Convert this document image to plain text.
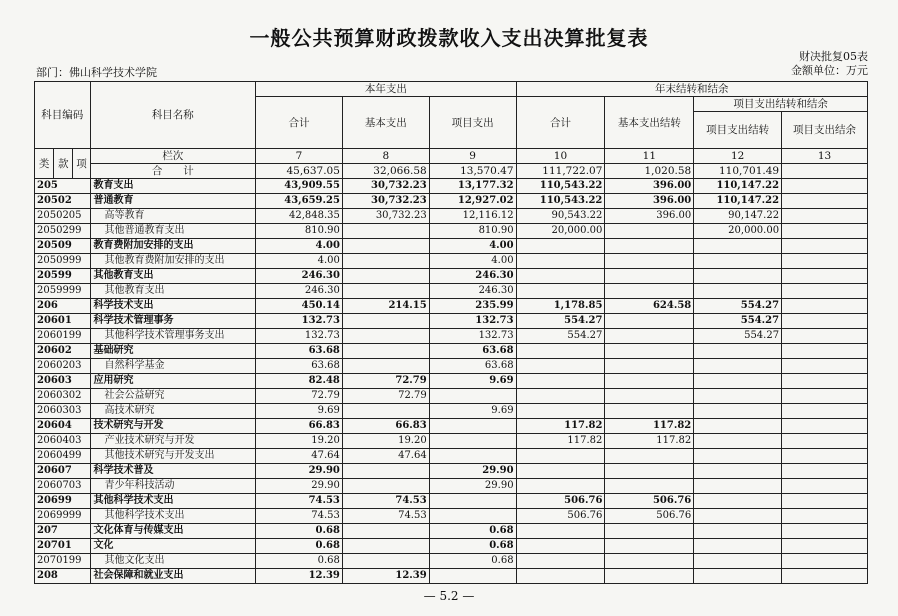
一般公共预算财政拨款收入支出决算批复表
财决批复05表
部门：佛山科学技术学院	金额单位：万元
科目编码			科目名称	本年支出			年末结转和结余			
				合计	基本支出	项目支出	合计	基本支出结转	项目支出结转和结余	
									项目支出结转	项目支出结余

类	款	项	栏次	7	8	9	10	11	12	13
			合　　计	45,637.05	32,066.58	13,570.47	111,722.07	1,020.58	110,701.49	
205			教育支出	43,909.55	30,732.23	13,177.32	110,543.22	396.00	110,147.22	
20502			普通教育	43,659.25	30,732.23	12,927.02	110,543.22	396.00	110,147.22	
2050205			高等教育	42,848.35	30,732.23	12,116.12	90,543.22	396.00	90,147.22	
2050299			其他普通教育支出	810.90		810.90	20,000.00		20,000.00	
20509			教育费附加安排的支出	4.00		4.00				
2050999			其他教育费附加安排的支出	4.00		4.00				
20599			其他教育支出	246.30		246.30				
2059999			其他教育支出	246.30		246.30				
206			科学技术支出	450.14	214.15	235.99	1,178.85	624.58	554.27	
20601			科学技术管理事务	132.73		132.73	554.27		554.27	
2060199			其他科学技术管理事务支出	132.73		132.73	554.27		554.27	
20602			基础研究	63.68		63.68				
2060203			自然科学基金	63.68		63.68				
20603			应用研究	82.48	72.79	9.69				
2060302			社会公益研究	72.79	72.79					
2060303			高技术研究	9.69		9.69				
20604			技术研究与开发	66.83	66.83		117.82	117.82		
2060403			产业技术研究与开发	19.20	19.20		117.82	117.82		
2060499			其他技术研究与开发支出	47.64	47.64					
20607			科学技术普及	29.90		29.90				
2060703			青少年科技活动	29.90		29.90				
20699			其他科学技术支出	74.53	74.53		506.76	506.76		
2069999			其他科学技术支出	74.53	74.53		506.76	506.76		
207			文化体育与传媒支出	0.68		0.68				
20701			文化	0.68		0.68				
2070199			其他文化支出	0.68		0.68				
208			社会保障和就业支出	12.39	12.39					
— 5.2 —
